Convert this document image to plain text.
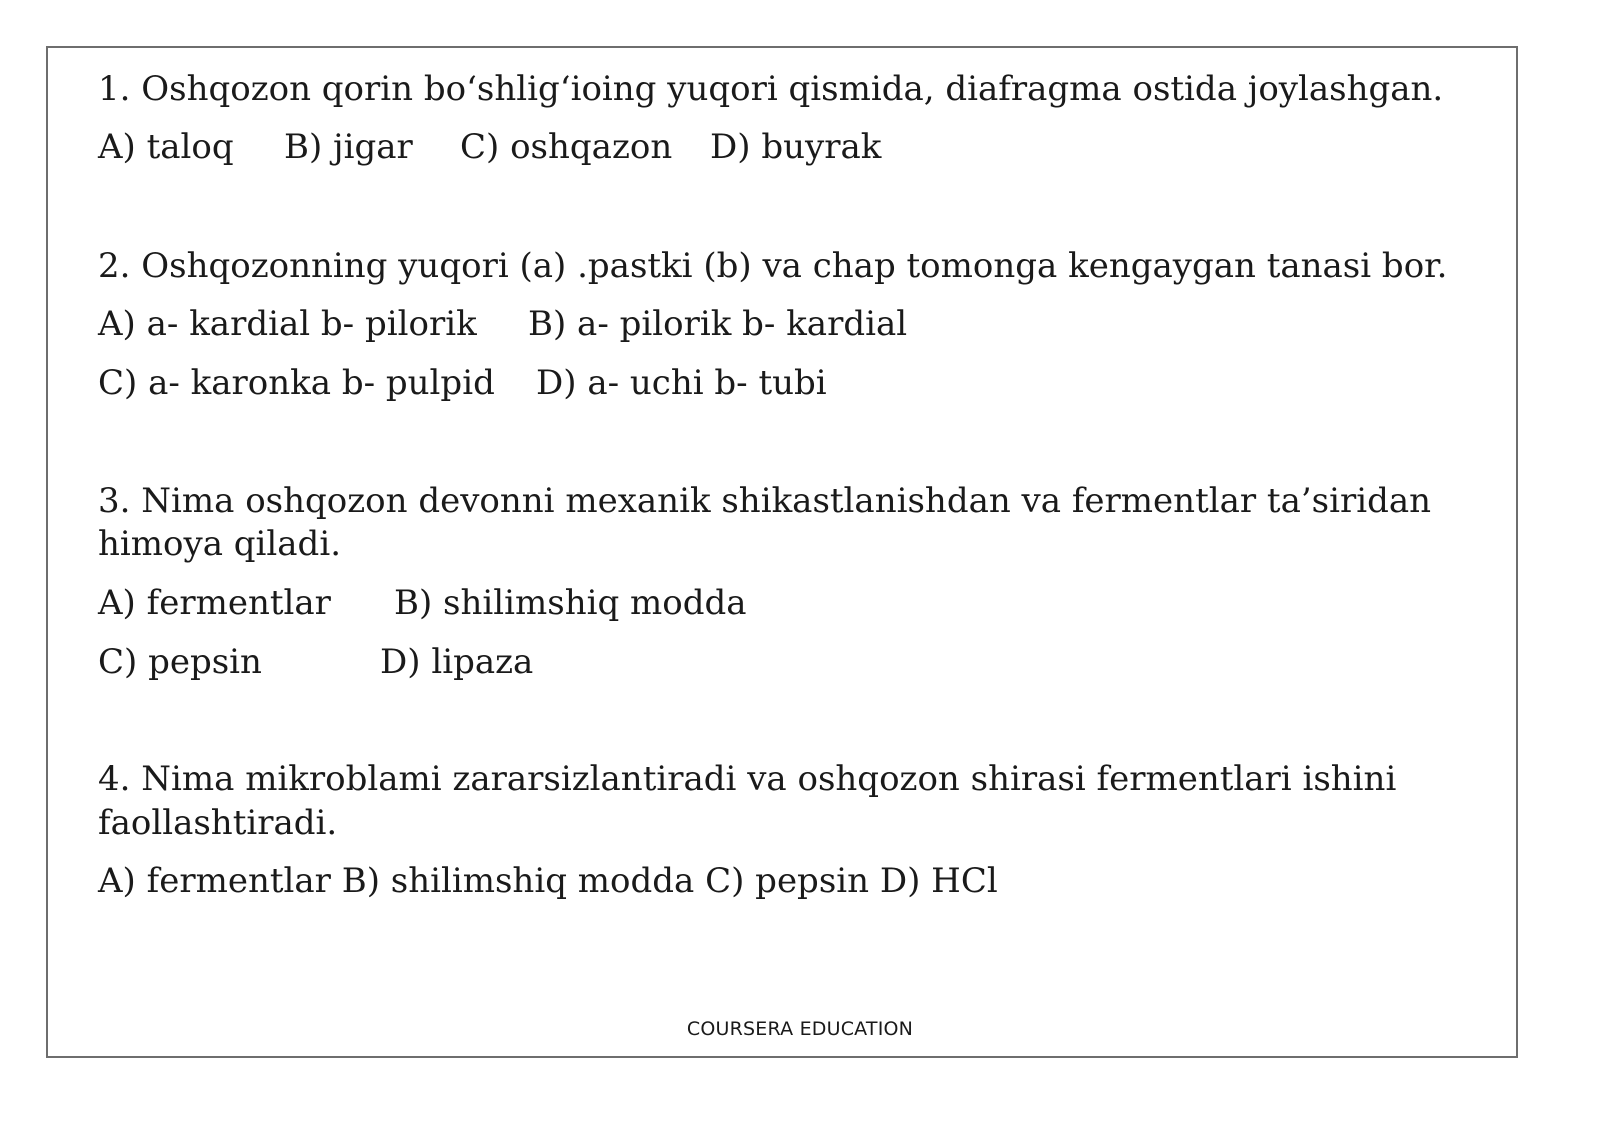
1. Oshqozon qorin bo‘shlig‘ioing yuqori qismida, diafragma ostida joylashgan.
A) taloq B) jigar C) oshqazon D) buyrak
2. Oshqozonning yuqori (a) .pastki (b) va chap tomonga kengaygan tanasi bor.
A) a- kardial b- pilorik B) a- pilorik b- kardial
C) a- karonka b- pulpid D) a- uchi b- tubi
3. Nima oshqozon devonni mexanik shikastlanishdan va fermentlar ta’siridan
himoya qiladi.
A) fermentlar B) shilimshiq modda
C) pepsin	D) lipaza
4. Nima mikroblami zararsizlantiradi va oshqozon shirasi fermentlari ishini
faollashtiradi.
A) fermentlar B) shilimshiq modda C) pepsin D) HCl
COURSERA EDUCATION
